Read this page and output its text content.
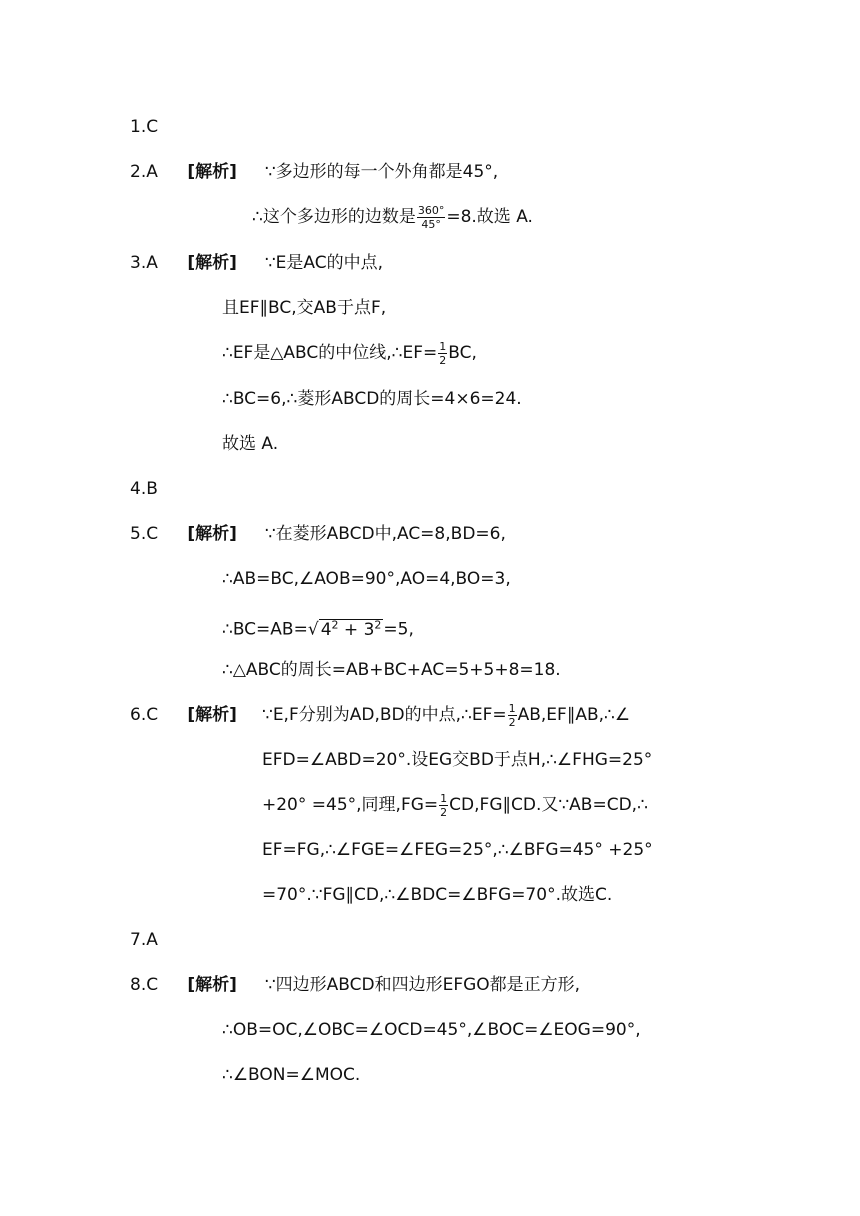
1.C
2.A [解析] ∵多边形的每一个外角都是45°,
∴这个多边形的边数是 $\frac{360^\circ}{45^\circ} =8$.故选 A.
3.A [解析] ∵E是AC的中点,
且EF∥BC,交AB于点F,
∴EF是△ABC的中位线,∴EF= $\frac{1}{2}$ BC,
∴BC=6,∴菱形ABCD的周长=4×6=24.
故选 A.
4.B
5.C [解析] ∵在菱形ABCD中,AC=8,BD=6,
∴AB=BC,∠AOB=90°,AO=4,BO=3,
∴BC=AB=√ $4^2 + 3^2 =5$,
∴△ABC的周长=AB+BC+AC=5+5+8=18.
6.C [解析]	∵E,F分别为AD,BD的中点,∴EF= $\frac{1}{2}$ AB,EF∥AB,∴∠
EFD=∠ABD=20°.设EG交BD于点H,∴∠FHG=25°
+20° =45°,同理$,FG= \frac{1}{2}$ CD,FG∥CD.又∵AB=CD,∴
EF=FG,∴∠FGE=∠FEG=25°,∴∠BFG=45° +25°
=70°.∵FG∥CD,∴∠BDC=∠BFG=70°.故选C.
7.A
8.C [解析] ∵四边形ABCD和四边形EFGO都是正方形,
∴OB=OC,∠OBC=∠OCD=45°,∠BOC=∠EOG=90°,
∴∠BON=∠MOC.
